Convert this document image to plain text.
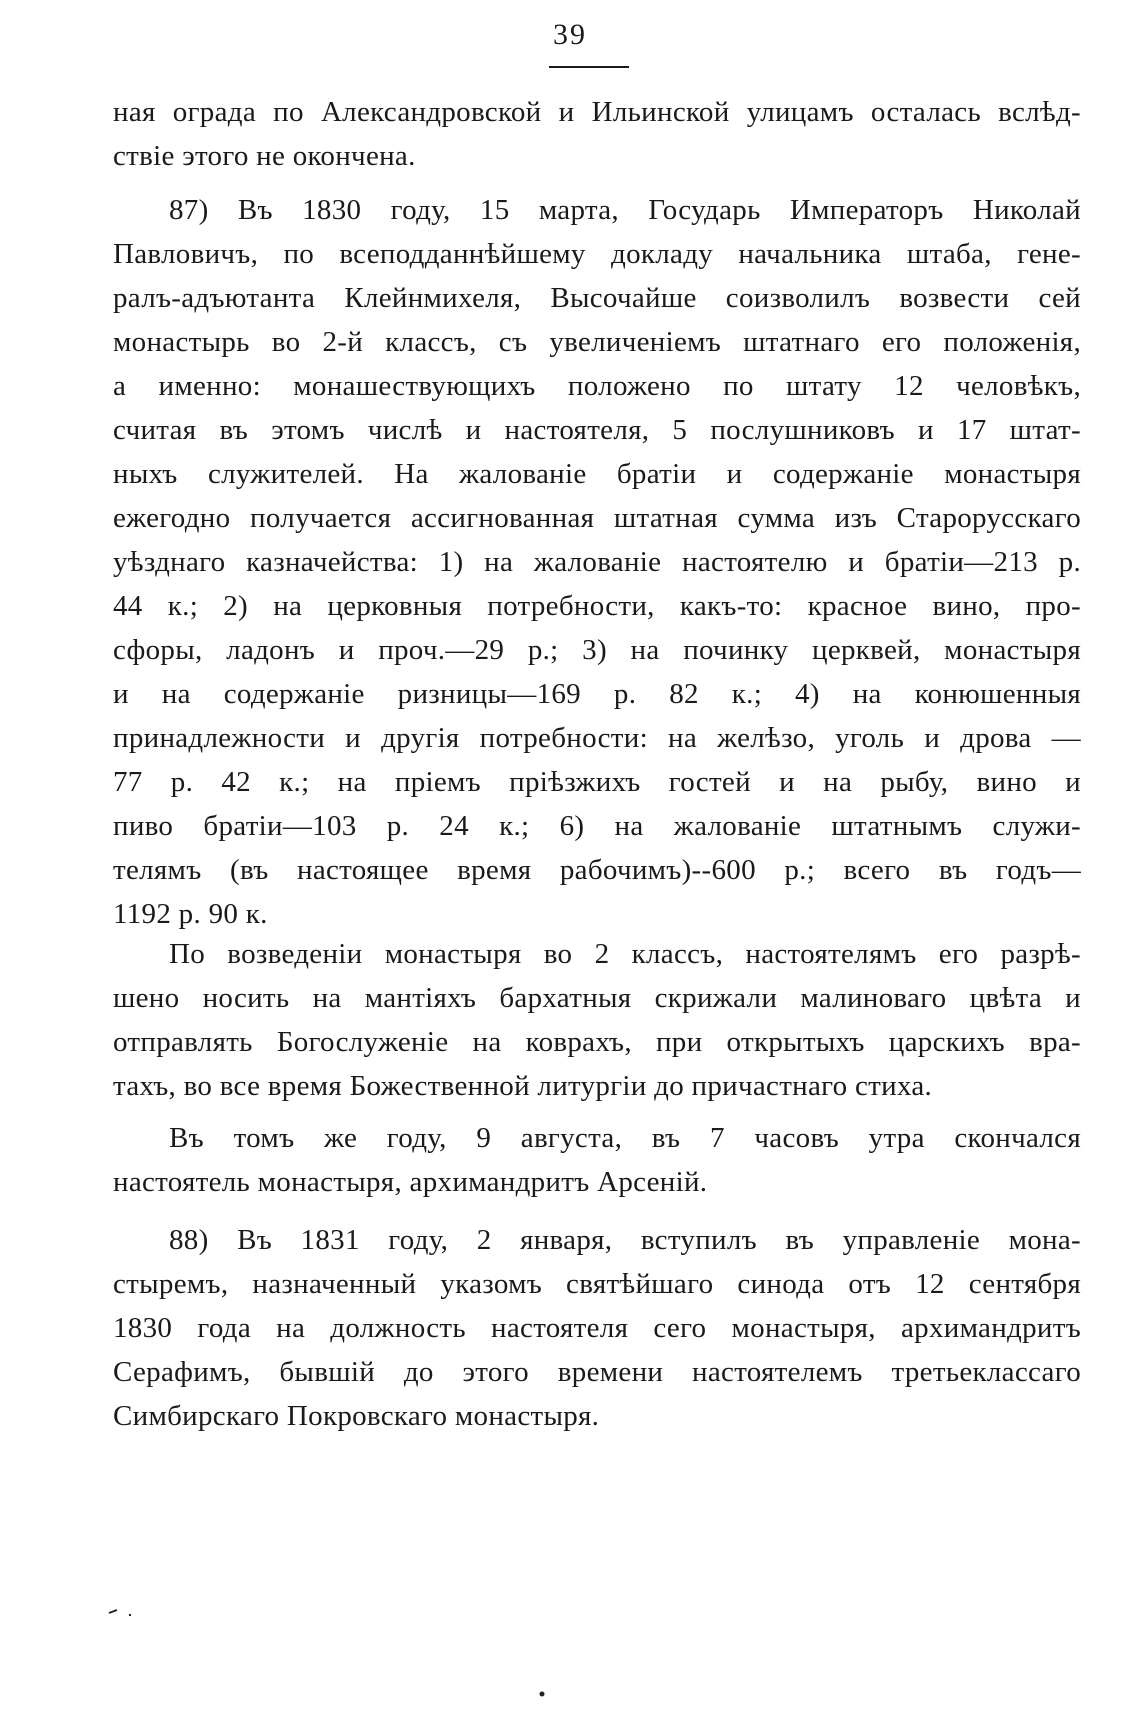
39
ная ограда по Александровской и Ильинской улицамъ осталась вслѣд-
ствіе этого не окончена.
87) Въ 1830 году, 15 марта, Государь Императоръ Николай
Павловичъ, по всеподданнѣйшему докладу начальника штаба, гене-
ралъ-адъютанта Клейнмихеля, Высочайше соизволилъ возвести сей
монастырь во 2-й классъ, съ увеличеніемъ штатнаго его положенія,
а именно: монашествующихъ положено по штату 12 человѣкъ,
считая въ этомъ числѣ и настоятеля, 5 послушниковъ и 17 штат-
ныхъ служителей. На жалованіе братіи и содержаніе монастыря
ежегодно получается ассигнованная штатная сумма изъ Старорусскаго
уѣзднаго казначейства: 1) на жалованіе настоятелю и братіи—213 р.
44 к.; 2) на церковныя потребности, какъ-то: красное вино, про-
сфоры, ладонъ и проч.—29 р.; 3) на починку церквей, монастыря
и на содержаніе ризницы—169 р. 82 к.; 4) на конюшенныя
принадлежности и другія потребности: на желѣзо, уголь и дрова —
77 р. 42 к.; на пріемъ пріѣзжихъ гостей и на рыбу, вино и
пиво братіи—103 р. 24 к.; 6) на жалованіе штатнымъ служи-
телямъ (въ настоящее время рабочимъ)--600 р.; всего въ годъ—
1192 р. 90 к.
По возведеніи монастыря во 2 классъ, настоятелямъ его разрѣ-
шено носить на мантіяхъ бархатныя скрижали малиноваго цвѣта и
отправлять Богослуженіе на коврахъ, при открытыхъ царскихъ вра-
тахъ, во все время Божественной литургіи до причастнаго стиха.
Въ томъ же году, 9 августа, въ 7 часовъ утра скончался
настоятель монастыря, архимандритъ Арсеній.
88) Въ 1831 году, 2 января, вступилъ въ управленіе мона-
стыремъ, назначенный указомъ святѣйшаго синода отъ 12 сентября
1830 года на должность настоятеля сего монастыря, архимандритъ
Серафимъ, бывшій до этого времени настоятелемъ третьеклассаго
Симбирскаго Покровскаго монастыря.
